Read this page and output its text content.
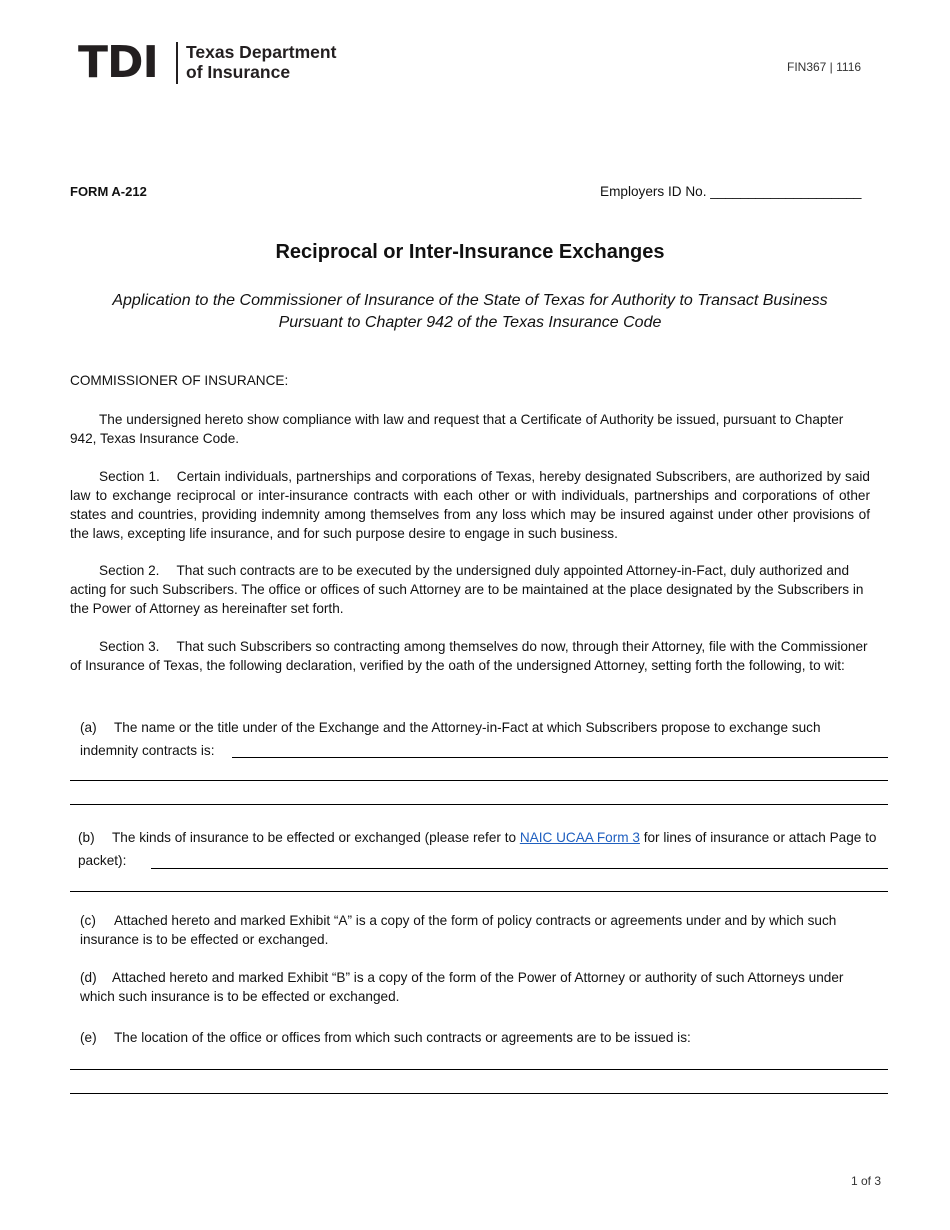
TDI Texas Department
of Insurance	FIN367 | 1116
FORM A-212	Employers ID No. ____________________
Reciprocal or Inter-Insurance Exchanges
Application to the Commissioner of Insurance of the State of Texas for Authority to Transact Business Pursuant to Chapter 942 of the Texas Insurance Code
COMMISSIONER OF INSURANCE:
The undersigned hereto show compliance with law and request that a Certificate of Authority be issued, pursuant to Chapter 942, Texas Insurance Code.
Section 1. Certain individuals, partnerships and corporations of Texas, hereby designated Subscribers, are authorized by said law to exchange reciprocal or inter-insurance contracts with each other or with individuals, partnerships and corporations of other states and countries, providing indemnity among themselves from any loss which may be insured against under other provisions of the laws, excepting life insurance, and for such purpose desire to engage in such business.
Section 2. That such contracts are to be executed by the undersigned duly appointed Attorney-in-Fact, duly authorized and acting for such Subscribers. The office or offices of such Attorney are to be maintained at the place designated by the Subscribers in the Power of Attorney as hereinafter set forth.
Section 3. That such Subscribers so contracting among themselves do now, through their Attorney, file with the Commissioner of Insurance of Texas, the following declaration, verified by the oath of the undersigned Attorney, setting forth the following, to wit:
(a) The name or the title under of the Exchange and the Attorney-in-Fact at which Subscribers propose to exchange such indemnity contracts is:
(b) The kinds of insurance to be effected or exchanged (please refer to NAIC UCAA Form 3 for lines of insurance or attach Page to packet):
(c) Attached hereto and marked Exhibit “A” is a copy of the form of policy contracts or agreements under and by which such insurance is to be effected or exchanged.
(d) Attached hereto and marked Exhibit “B” is a copy of the form of the Power of Attorney or authority of such Attorneys under which such insurance is to be effected or exchanged.
(e) The location of the office or offices from which such contracts or agreements are to be issued is:
1 of 3
